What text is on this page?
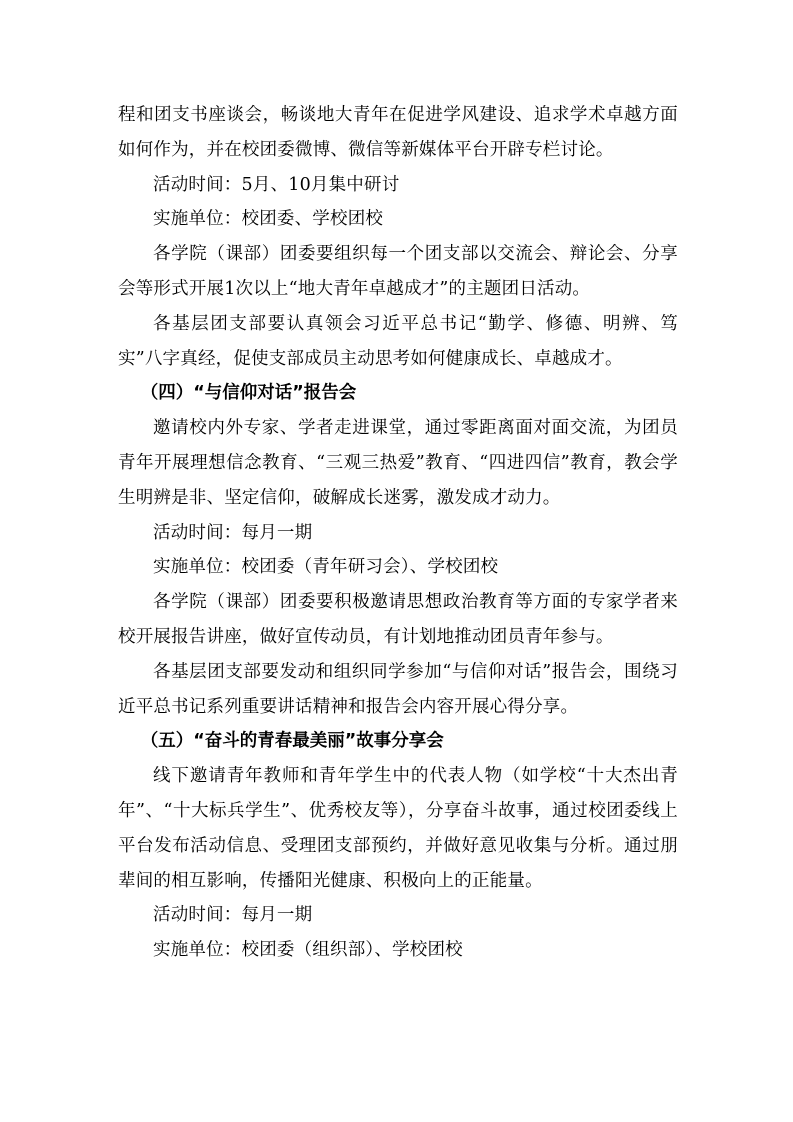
程和团支书座谈会，畅谈地大青年在促进学风建设、追求学术卓越方面如何作为，并在校团委微博、微信等新媒体平台开辟专栏讨论。

活动时间：5月、10月集中研讨

实施单位：校团委、学校团校

各学院（课部）团委要组织每一个团支部以交流会、辩论会、分享会等形式开展1次以上“地大青年卓越成才”的主题团日活动。

各基层团支部要认真领会习近平总书记“勤学、修德、明辨、笃实”八字真经，促使支部成员主动思考如何健康成长、卓越成才。

（四）“与信仰对话”报告会

邀请校内外专家、学者走进课堂，通过零距离面对面交流，为团员青年开展理想信念教育、“三观三热爱”教育、“四进四信”教育，教会学生明辨是非、坚定信仰，破解成长迷雾，激发成才动力。

活动时间：每月一期

实施单位：校团委（青年研习会）、学校团校

各学院（课部）团委要积极邀请思想政治教育等方面的专家学者来校开展报告讲座，做好宣传动员，有计划地推动团员青年参与。

各基层团支部要发动和组织同学参加“与信仰对话”报告会，围绕习近平总书记系列重要讲话精神和报告会内容开展心得分享。

（五）“奋斗的青春最美丽”故事分享会

线下邀请青年教师和青年学生中的代表人物（如学校“十大杰出青年”、“十大标兵学生”、优秀校友等），分享奋斗故事，通过校团委线上平台发布活动信息、受理团支部预约，并做好意见收集与分析。通过朋辈间的相互影响，传播阳光健康、积极向上的正能量。

活动时间：每月一期

实施单位：校团委（组织部）、学校团校
